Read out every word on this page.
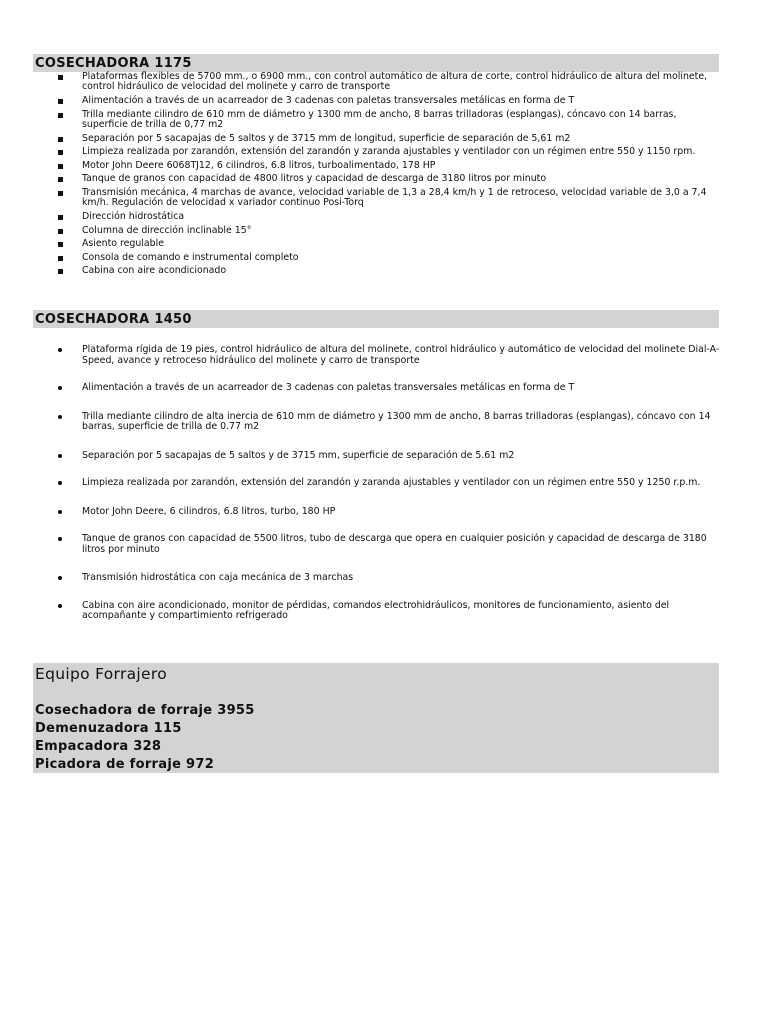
COSECHADORA 1175
Plataformas flexibles de 5700 mm., o 6900 mm., con control automático de altura de corte, control hidráulico de altura del molinete, control hidráulico de velocidad del molinete y carro de transporte
Alimentación a través de un acarreador de 3 cadenas con paletas transversales metálicas en forma de T
Trilla mediante cilindro de 610 mm de diámetro y 1300 mm de ancho, 8 barras trilladoras (esplangas), cóncavo con 14 barras, superficie de trilla de 0,77 m2
Separación por 5 sacapajas de 5 saltos y de 3715 mm de longitud, superficie de separación de 5,61 m2
Limpieza realizada por zarandón, extensión del zarandón y zaranda ajustables y ventilador con un régimen entre 550 y 1150 rpm.
Motor John Deere 6068TJ12, 6 cilindros, 6.8 litros, turboalimentado, 178 HP
Tanque de granos con capacidad de 4800 litros y capacidad de descarga de 3180 litros por minuto
Transmisión mecánica, 4 marchas de avance, velocidad variable de 1,3 a 28,4 km/h y 1 de retroceso, velocidad variable de 3,0 a 7,4 km/h. Regulación de velocidad x variador continuo Posi-Torq
Dirección hidrostática
Columna de dirección inclinable 15°
Asiento regulable
Consola de comando e instrumental completo
Cabina con aire acondicionado
COSECHADORA 1450
Plataforma rígida de 19 pies, control hidráulico de altura del molinete, control hidráulico y automático de velocidad del molinete Dial-A-Speed, avance y retroceso hidráulico del molinete y carro de transporte
Alimentación a través de un acarreador de 3 cadenas con paletas transversales metálicas en forma de T
Trilla mediante cilindro de alta inercia de 610 mm de diámetro y 1300 mm de ancho, 8 barras trilladoras (esplangas), cóncavo con 14 barras, superficie de trilla de 0.77 m2
Separación por 5 sacapajas de 5 saltos y de 3715 mm, superficie de separación de 5.61 m2
Limpieza realizada por zarandón, extensión del zarandón y zaranda ajustables y ventilador con un régimen entre 550 y 1250 r.p.m.
Motor John Deere, 6 cilindros, 6.8 litros, turbo, 180 HP
Tanque de granos con capacidad de 5500 litros, tubo de descarga que opera en cualquier posición y capacidad de descarga de 3180 litros por minuto
Transmisión hidrostática con caja mecánica de 3 marchas
Cabina con aire acondicionado, monitor de pérdidas, comandos electrohidráulicos, monitores de funcionamiento, asiento del acompañante y compartimiento refrigerado
Equipo Forrajero
Cosechadora de forraje 3955
Demenuzadora 115
Empacadora 328
Picadora de forraje 972
